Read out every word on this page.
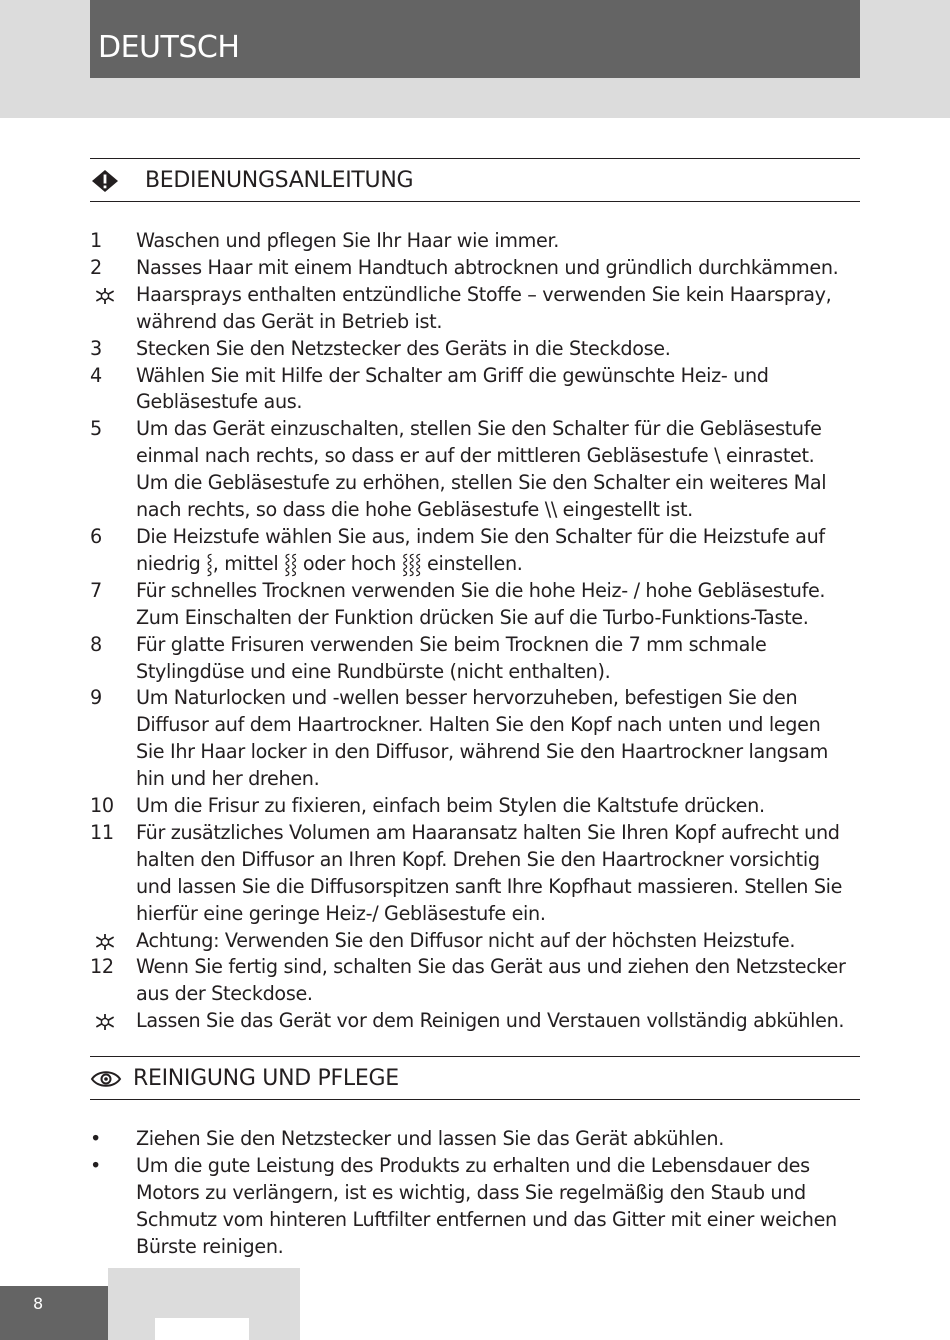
DEUTSCH
BEDIENUNGSANLEITUNG
1	Waschen und pflegen Sie Ihr Haar wie immer.
2	Nasses Haar mit einem Handtuch abtrocknen und gründlich durchkämmen.
Haarsprays enthalten entzündliche Stoffe – verwenden Sie kein Haarspray,
während das Gerät in Betrieb ist.
3	Stecken Sie den Netzstecker des Geräts in die Steckdose.
4	Wählen Sie mit Hilfe der Schalter am Griff die gewünschte Heiz- und
Gebläsestufe aus.
5	Um das Gerät einzuschalten, stellen Sie den Schalter für die Gebläsestufe
einmal nach rechts, so dass er auf der mittleren Gebläsestufe \ einrastet.
Um die Gebläsestufe zu erhöhen, stellen Sie den Schalter ein weiteres Mal
nach rechts, so dass die hohe Gebläsestufe \\ eingestellt ist.
6	Die Heizstufe wählen Sie aus, indem Sie den Schalter für die Heizstufe auf
niedrig ⸾, mittel ⸾⸾ oder hoch ⸾⸾⸾ einstellen.
7	Für schnelles Trocknen verwenden Sie die hohe Heiz- / hohe Gebläsestufe.
Zum Einschalten der Funktion drücken Sie auf die Turbo-Funktions-Taste.
8	Für glatte Frisuren verwenden Sie beim Trocknen die 7 mm schmale
Stylingdüse und eine Rundbürste (nicht enthalten).
9	Um Naturlocken und -wellen besser hervorzuheben, befestigen Sie den
Diffusor auf dem Haartrockner. Halten Sie den Kopf nach unten und legen
Sie Ihr Haar locker in den Diffusor, während Sie den Haartrockner langsam
hin und her drehen.
10	Um die Frisur zu fixieren, einfach beim Stylen die Kaltstufe drücken.
11	Für zusätzliches Volumen am Haaransatz halten Sie Ihren Kopf aufrecht und
halten den Diffusor an Ihren Kopf. Drehen Sie den Haartrockner vorsichtig
und lassen Sie die Diffusorspitzen sanft Ihre Kopfhaut massieren. Stellen Sie
hierfür eine geringe Heiz-/ Gebläsestufe ein.
Achtung: Verwenden Sie den Diffusor nicht auf der höchsten Heizstufe.
12	Wenn Sie fertig sind, schalten Sie das Gerät aus und ziehen den Netzstecker
aus der Steckdose.
Lassen Sie das Gerät vor dem Reinigen und Verstauen vollständig abkühlen.
REINIGUNG UND PFLEGE
•	Ziehen Sie den Netzstecker und lassen Sie das Gerät abkühlen.
•	Um die gute Leistung des Produkts zu erhalten und die Lebensdauer des
Motors zu verlängern, ist es wichtig, dass Sie regelmäßig den Staub und
Schmutz vom hinteren Luftfilter entfernen und das Gitter mit einer weichen
Bürste reinigen.
8
